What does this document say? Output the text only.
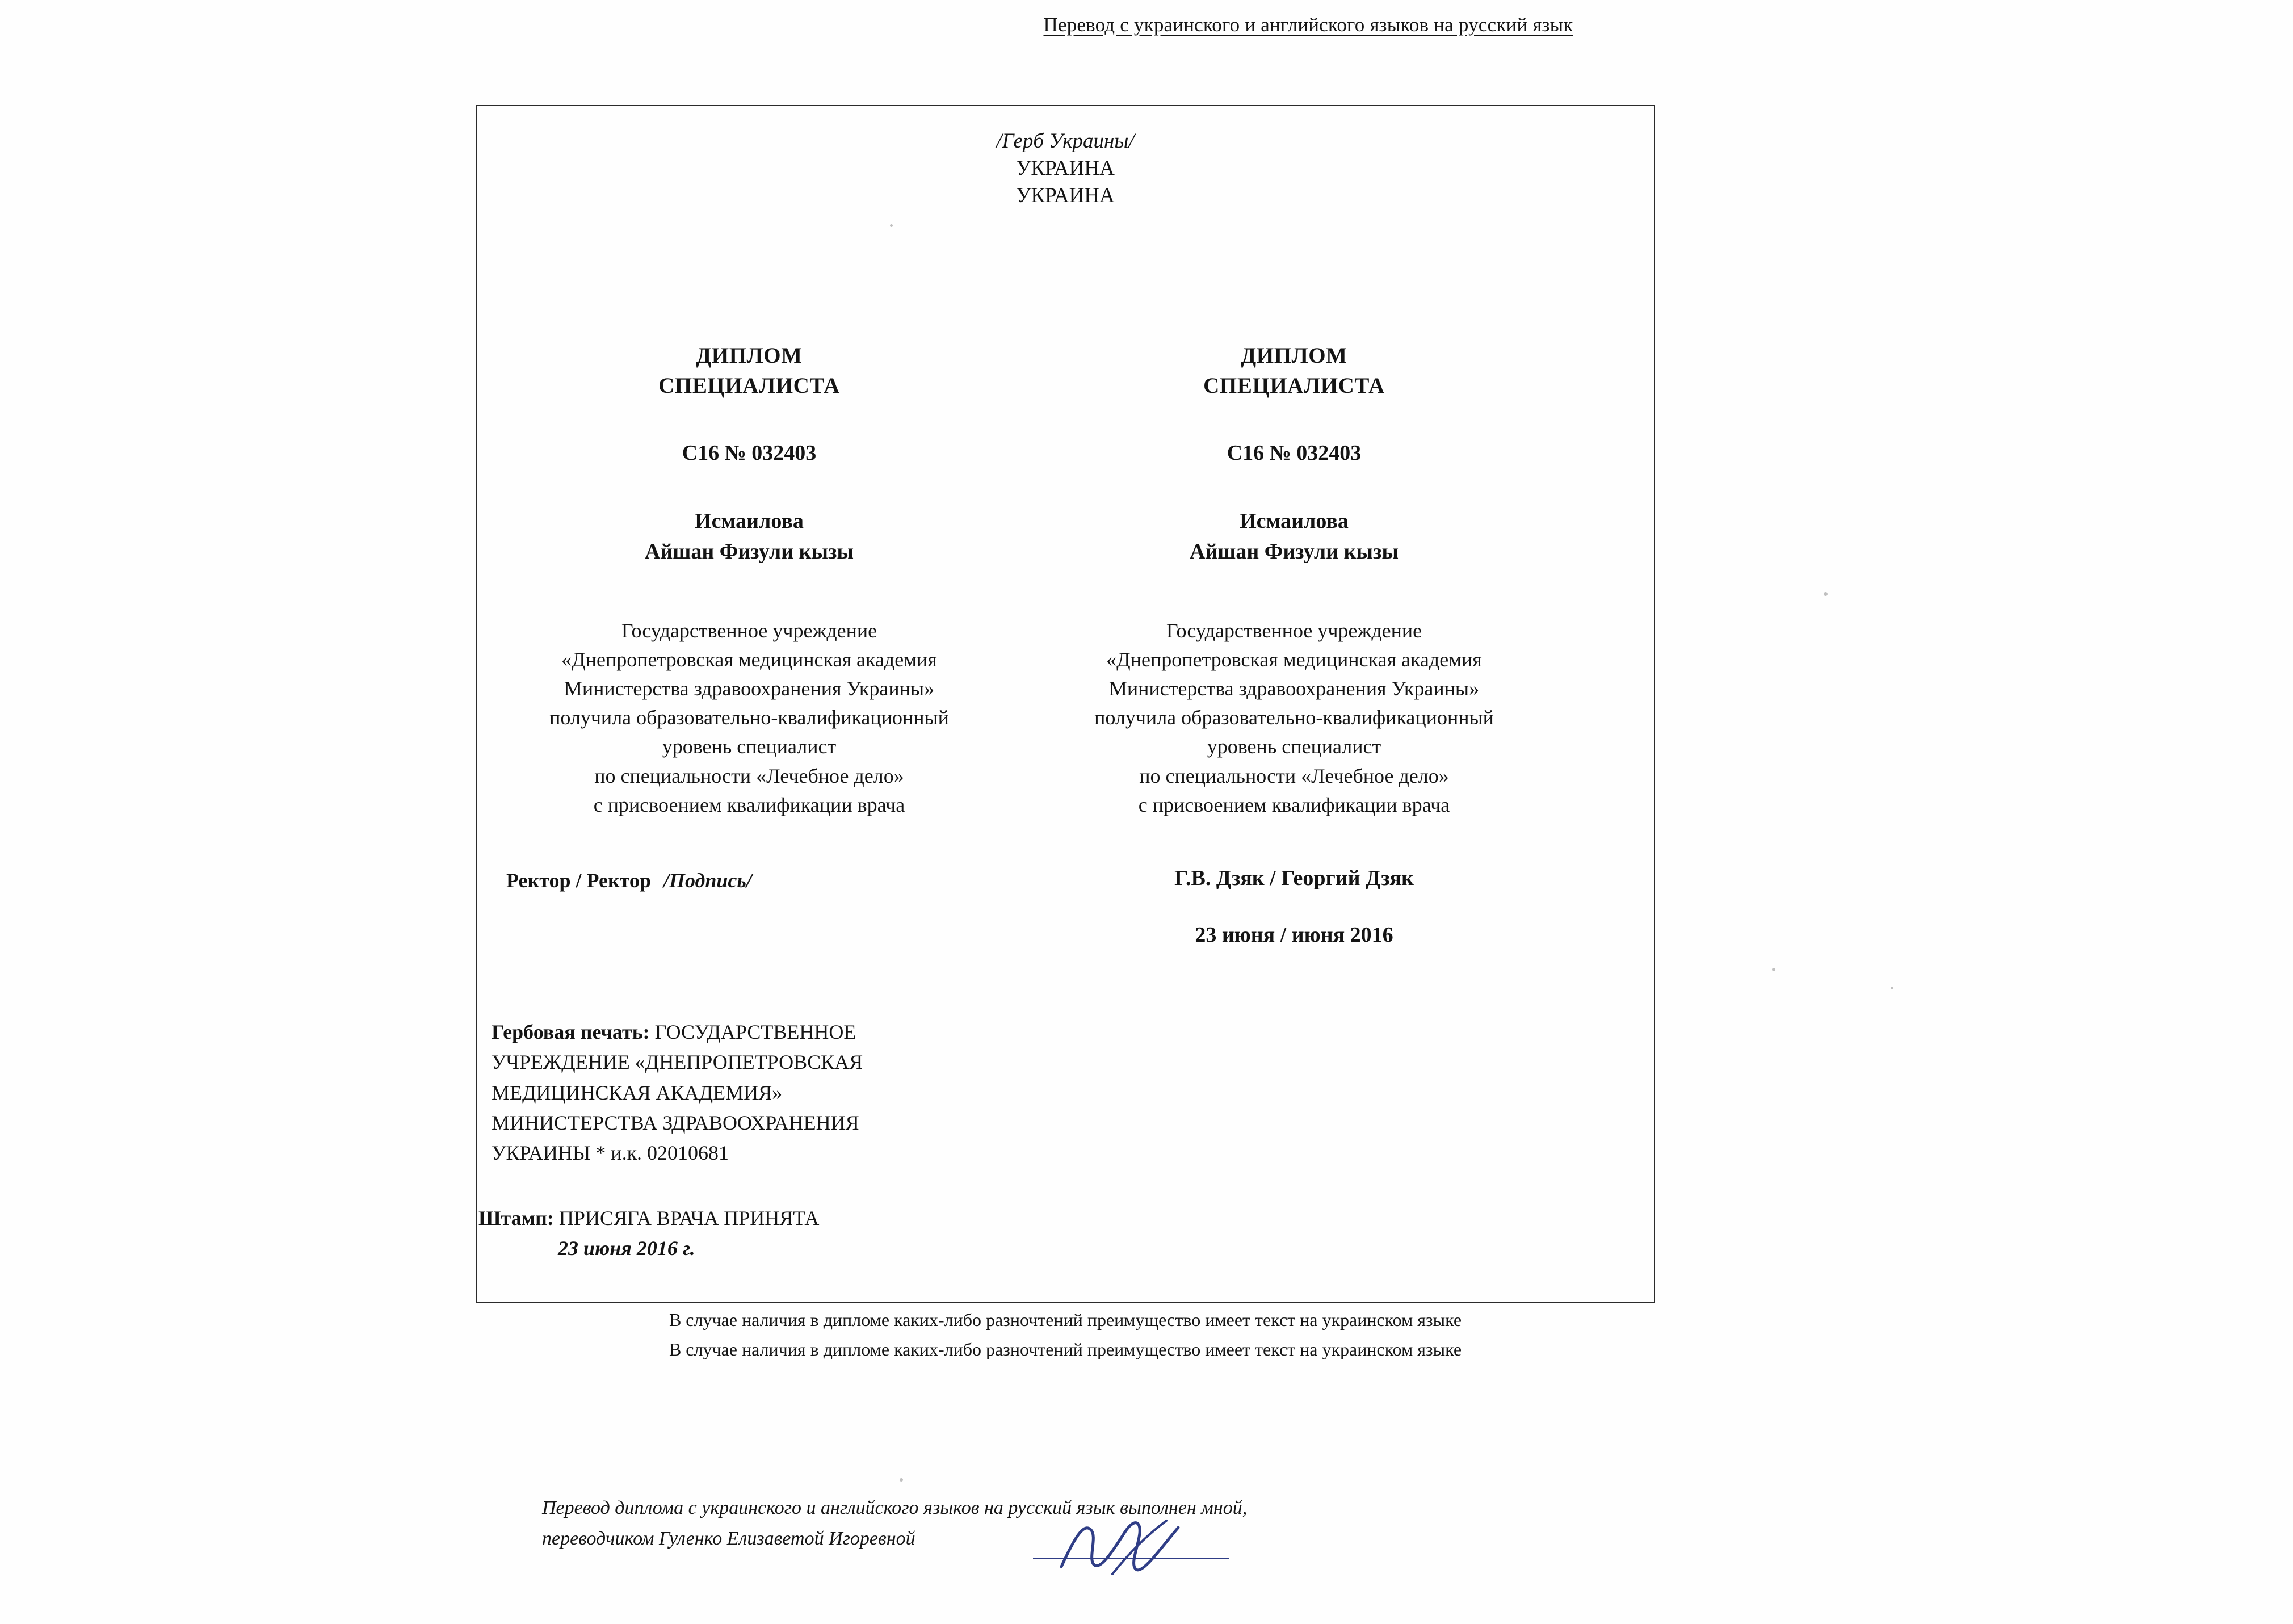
Перевод с украинского и английского языков на русский язык
/Герб Украины/
УКРАИНА
УКРАИНА
ДИПЛОМ
СПЕЦИАЛИСТА
С16 № 032403
Исмаилова
Айшан Физули кызы
Государственное учреждение
«Днепропетровская медицинская академия
Министерства здравоохранения Украины»
получила образовательно-квалификационный
уровень специалист
по специальности «Лечебное дело»
с присвоением квалификации врача
ДИПЛОМ
СПЕЦИАЛИСТА
С16 № 032403
Исмаилова
Айшан Физули кызы
Государственное учреждение
«Днепропетровская медицинская академия
Министерства здравоохранения Украины»
получила образовательно-квалификационный
уровень специалист
по специальности «Лечебное дело»
с присвоением квалификации врача
Ректор / Ректор /Подпись/	Г.В. Дзяк / Георгий Дзяк
23 июня / июня 2016
Гербовая печать: ГОСУДАРСТВЕННОЕ
УЧРЕЖДЕНИЕ «ДНЕПРОПЕТРОВСКАЯ
МЕДИЦИНСКАЯ АКАДЕМИЯ»
МИНИСТЕРСТВА ЗДРАВООХРАНЕНИЯ
УКРАИНЫ * и.к. 02010681
Штамп: ПРИСЯГА ВРАЧА ПРИНЯТА
23 июня 2016 г.
В случае наличия в дипломе каких-либо разночтений преимущество имеет текст на украинском языке
В случае наличия в дипломе каких-либо разночтений преимущество имеет текст на украинском языке
Перевод диплома с украинского и английского языков на русский язык выполнен мной,
переводчиком Гуленко Елизаветой Игоревной
